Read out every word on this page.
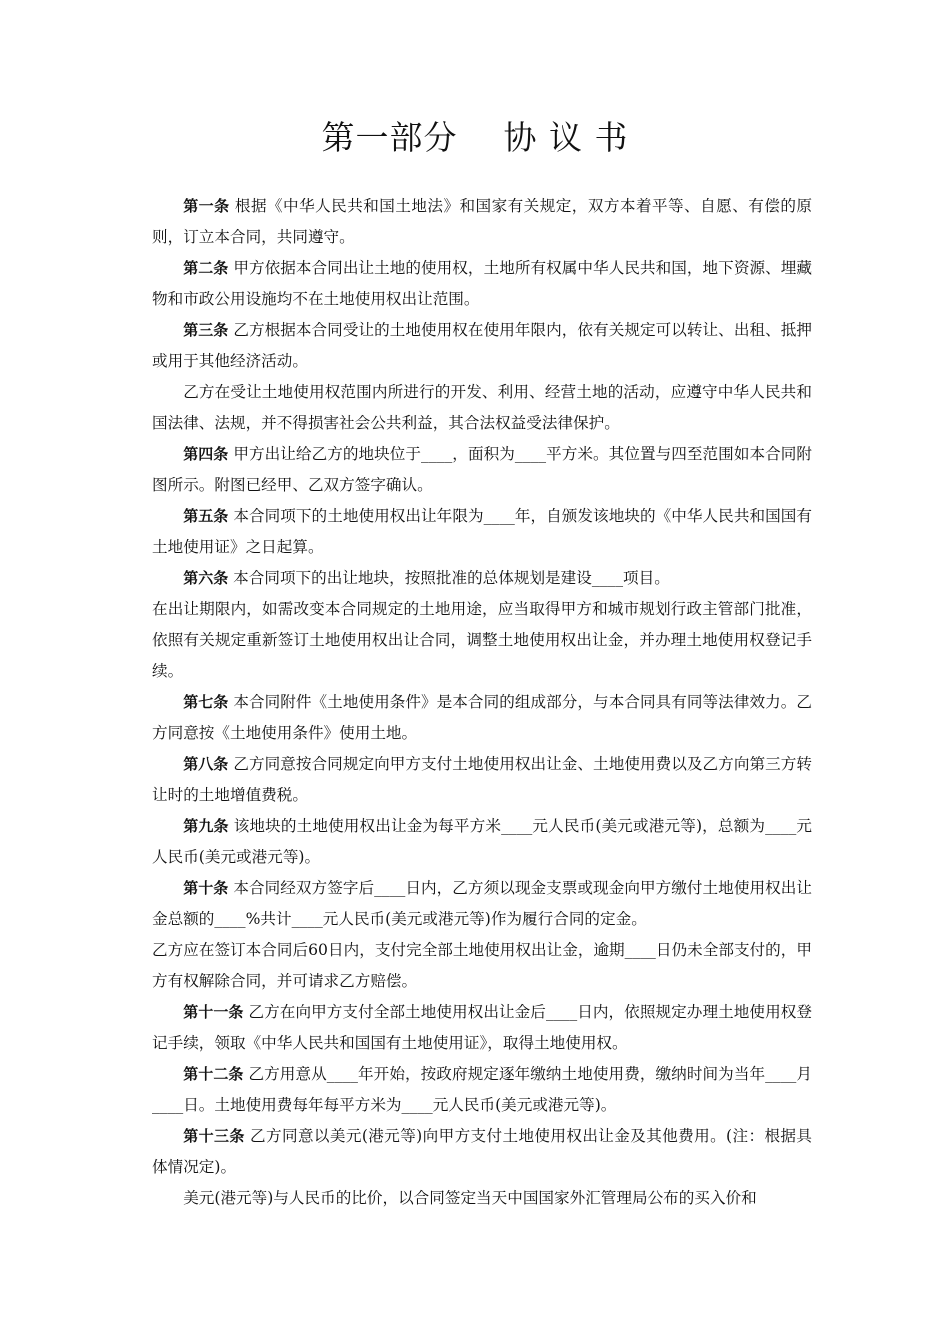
第一部分    协 议 书

第一条 根据《中华人民共和国土地法》和国家有关规定，双方本着平等、自愿、有偿的原则，订立本合同，共同遵守。

第二条 甲方依据本合同出让土地的使用权，土地所有权属中华人民共和国，地下资源、埋藏物和市政公用设施均不在土地使用权出让范围。

第三条 乙方根据本合同受让的土地使用权在使用年限内，依有关规定可以转让、出租、抵押或用于其他经济活动。

乙方在受让土地使用权范围内所进行的开发、利用、经营土地的活动，应遵守中华人民共和国法律、法规，并不得损害社会公共利益，其合法权益受法律保护。

第四条 甲方出让给乙方的地块位于____，面积为____平方米。其位置与四至范围如本合同附图所示。附图已经甲、乙双方签字确认。

第五条 本合同项下的土地使用权出让年限为____年，自颁发该地块的《中华人民共和国国有土地使用证》之日起算。

第六条 本合同项下的出让地块，按照批准的总体规划是建设____项目。

在出让期限内，如需改变本合同规定的土地用途，应当取得甲方和城市规划行政主管部门批准，依照有关规定重新签订土地使用权出让合同，调整土地使用权出让金，并办理土地使用权登记手续。

第七条 本合同附件《土地使用条件》是本合同的组成部分，与本合同具有同等法律效力。乙方同意按《土地使用条件》使用土地。

第八条 乙方同意按合同规定向甲方支付土地使用权出让金、土地使用费以及乙方向第三方转让时的土地增值费税。

第九条 该地块的土地使用权出让金为每平方米____元人民币(美元或港元等)，总额为____元人民币(美元或港元等)。

第十条 本合同经双方签字后____日内，乙方须以现金支票或现金向甲方缴付土地使用权出让金总额的____%共计____元人民币(美元或港元等)作为履行合同的定金。

乙方应在签订本合同后60日内，支付完全部土地使用权出让金，逾期____日仍未全部支付的，甲方有权解除合同，并可请求乙方赔偿。

第十一条 乙方在向甲方支付全部土地使用权出让金后____日内，依照规定办理土地使用权登记手续，领取《中华人民共和国国有土地使用证》，取得土地使用权。

第十二条 乙方用意从____年开始，按政府规定逐年缴纳土地使用费，缴纳时间为当年____月____日。土地使用费每年每平方米为____元人民币(美元或港元等)。

第十三条 乙方同意以美元(港元等)向甲方支付土地使用权出让金及其他费用。(注：根据具体情况定)。

美元(港元等)与人民币的比价，以合同签定当天中国国家外汇管理局公布的买入价和
